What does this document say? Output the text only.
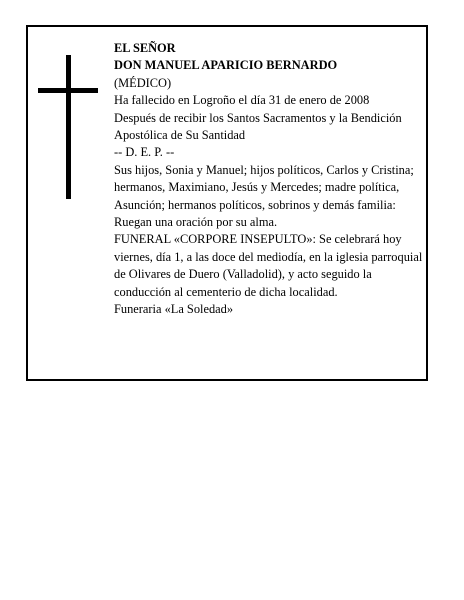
EL SEÑOR
DON MANUEL APARICIO BERNARDO
(MÉDICO)
Ha fallecido en Logroño el día 31 de enero de 2008
Después de recibir los Santos Sacramentos y la Bendición Apostólica de Su Santidad
-- D. E. P. --
Sus hijos, Sonia y Manuel; hijos políticos, Carlos y Cristina; hermanos, Maximiano, Jesús y Mercedes; madre política, Asunción; hermanos políticos, sobrinos y demás familia:
Ruegan una oración por su alma.
FUNERAL «CORPORE INSEPULTO»: Se celebrará hoy viernes, día 1, a las doce del mediodía, en la iglesia parroquial de Olivares de Duero (Valladolid), y acto seguido la conducción al cementerio de dicha localidad.
Funeraria «La Soledad»
